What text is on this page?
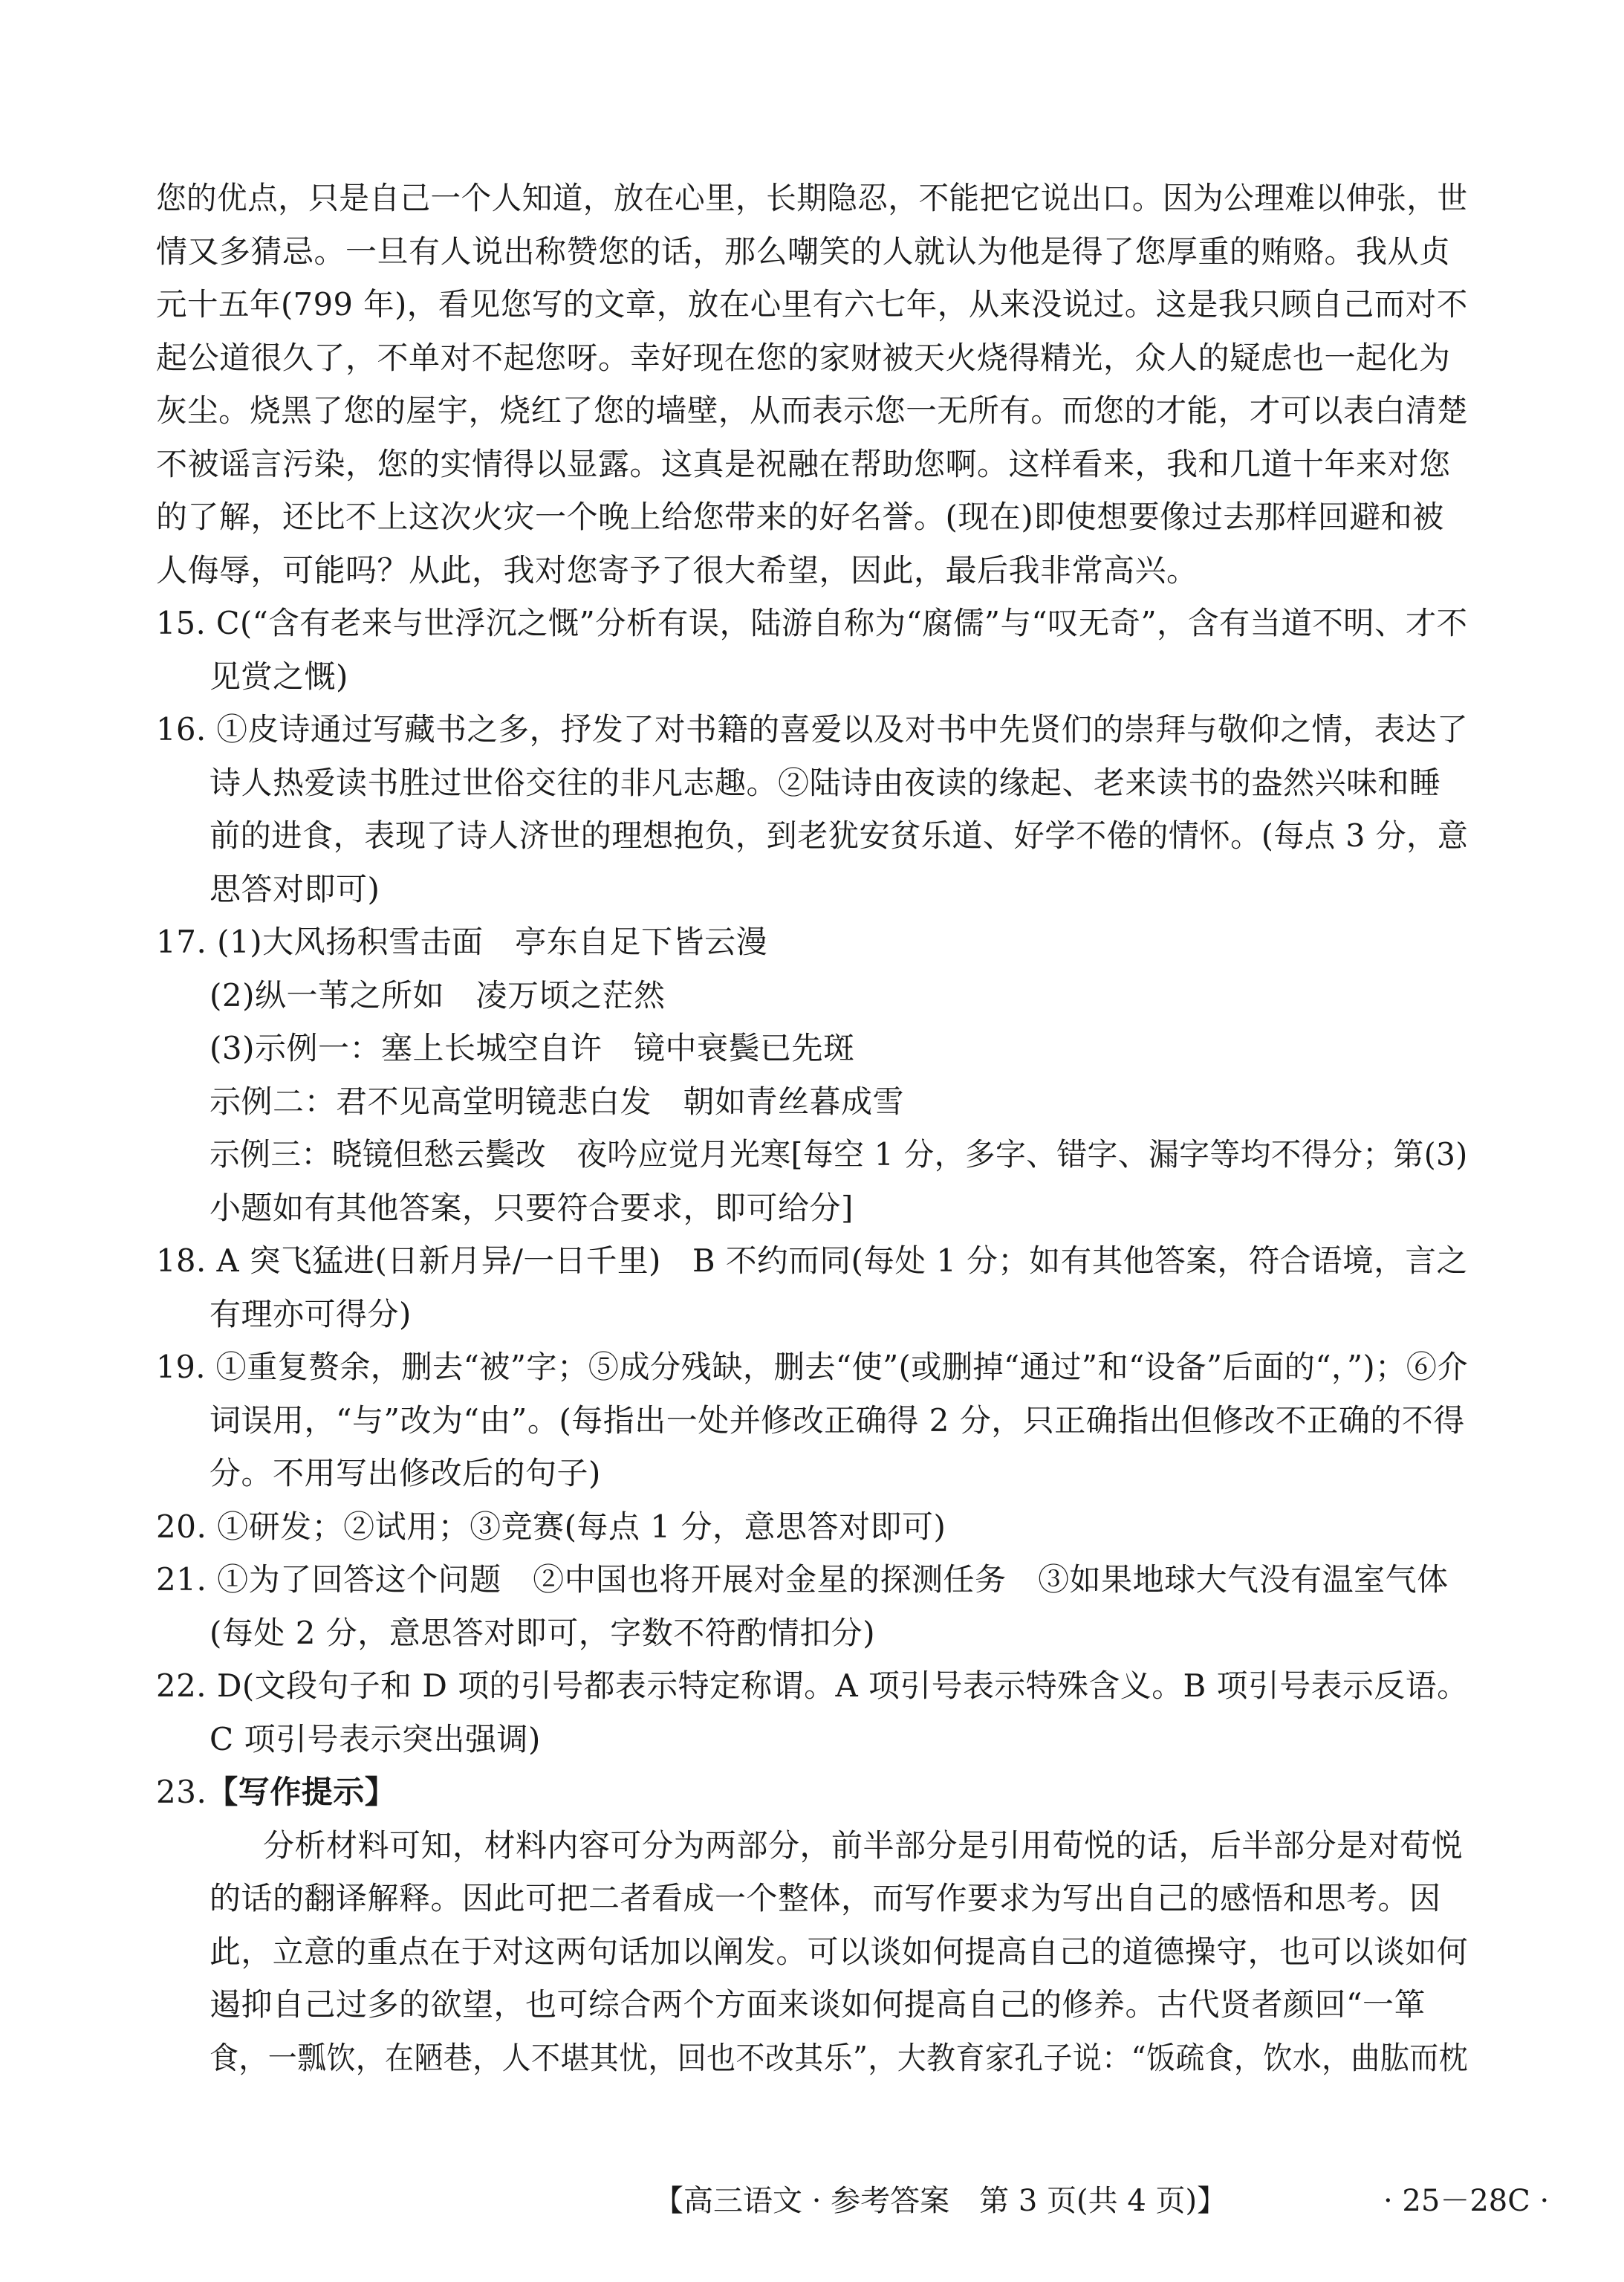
您的优点，只是自己一个人知道，放在心里，长期隐忍，不能把它说出口。因为公理难以伸张，世
情又多猜忌。一旦有人说出称赞您的话，那么嘲笑的人就认为他是得了您厚重的贿赂。我从贞
元十五年(799 年)，看见您写的文章，放在心里有六七年，从来没说过。这是我只顾自己而对不
起公道很久了，不单对不起您呀。幸好现在您的家财被天火烧得精光，众人的疑虑也一起化为
灰尘。烧黑了您的屋宇，烧红了您的墙壁，从而表示您一无所有。而您的才能，才可以表白清楚
不被谣言污染，您的实情得以显露。这真是祝融在帮助您啊。这样看来，我和几道十年来对您
的了解，还比不上这次火灾一个晚上给您带来的好名誉。(现在)即使想要像过去那样回避和被
人侮辱，可能吗？从此，我对您寄予了很大希望，因此，最后我非常高兴。
15. C(“含有老来与世浮沉之慨”分析有误，陆游自称为“腐儒”与“叹无奇”，含有当道不明、才不
见赏之慨)
16. ①皮诗通过写藏书之多，抒发了对书籍的喜爱以及对书中先贤们的崇拜与敬仰之情，表达了
诗人热爱读书胜过世俗交往的非凡志趣。②陆诗由夜读的缘起、老来读书的盎然兴味和睡
前的进食，表现了诗人济世的理想抱负，到老犹安贫乐道、好学不倦的情怀。(每点 3 分，意
思答对即可)
17. (1)大风扬积雪击面　亭东自足下皆云漫
(2)纵一苇之所如　凌万顷之茫然
(3)示例一：塞上长城空自许　镜中衰鬓已先斑
示例二：君不见高堂明镜悲白发　朝如青丝暮成雪
示例三：晓镜但愁云鬓改　夜吟应觉月光寒[每空 1 分，多字、错字、漏字等均不得分；第(3)
小题如有其他答案，只要符合要求，即可给分]
18. A 突飞猛进(日新月异/一日千里)　B 不约而同(每处 1 分；如有其他答案，符合语境，言之
有理亦可得分)
19. ①重复赘余，删去“被”字；⑤成分残缺，删去“使”(或删掉“通过”和“设备”后面的“，”)；⑥介
词误用，“与”改为“由”。(每指出一处并修改正确得 2 分，只正确指出但修改不正确的不得
分。不用写出修改后的句子)
20. ①研发；②试用；③竞赛(每点 1 分，意思答对即可)
21. ①为了回答这个问题　②中国也将开展对金星的探测任务　③如果地球大气没有温室气体
(每处 2 分，意思答对即可，字数不符酌情扣分)
22. D(文段句子和 D 项的引号都表示特定称谓。A 项引号表示特殊含义。B 项引号表示反语。
C 项引号表示突出强调)
23.【写作提示】
分析材料可知，材料内容可分为两部分，前半部分是引用荀悦的话，后半部分是对荀悦
的话的翻译解释。因此可把二者看成一个整体，而写作要求为写出自己的感悟和思考。因
此，立意的重点在于对这两句话加以阐发。可以谈如何提高自己的道德操守，也可以谈如何
遏抑自己过多的欲望，也可综合两个方面来谈如何提高自己的修养。古代贤者颜回“一箪
食，一瓢饮，在陋巷，人不堪其忧，回也不改其乐”，大教育家孔子说：“饭疏食，饮水，曲肱而枕
【高三语文 · 参考答案　第 3 页(共 4 页)】	· 25－28C ·
